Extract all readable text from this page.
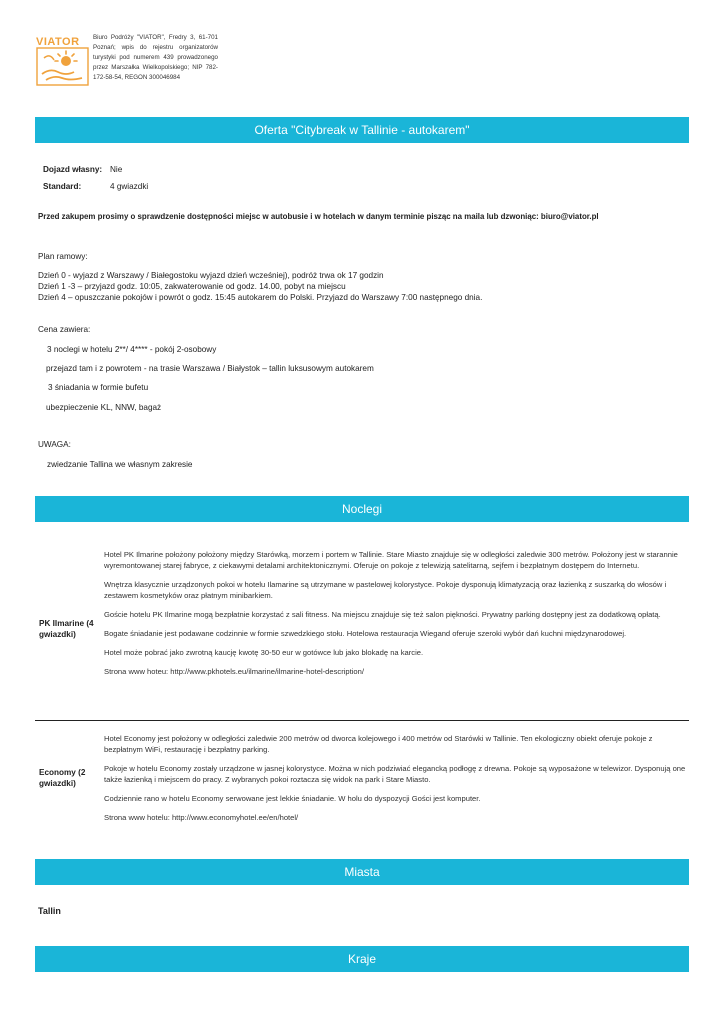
VIATOR Biuro Podróży "VIATOR", Fredry 3, 61-701 Poznań; wpis do rejestru organizatorów turystyki pod numerem 439 prowadzonego przez Marszałka Wielkopolskiego; NIP 782-172-58-54, REGON 300046984
Oferta "Citybreak w Tallinie - autokarem"
Dojazd własny: Nie
Standard:	4 gwiazdki
Przed zakupem prosimy o sprawdzenie dostępności miejsc w autobusie i w hotelach w danym terminie pisząc na maila lub dzwoniąc: biuro@viator.pl
Plan ramowy:
Dzień 0 - wyjazd z Warszawy / Białegostoku wyjazd dzień wcześniej), podróż trwa ok 17 godzin
Dzień 1 -3 – przyjazd godz. 10:05, zakwaterowanie od godz. 14.00, pobyt na miejscu
Dzień 4 – opuszczanie pokojów i powrót o godz. 15:45 autokarem do Polski. Przyjazd do Warszawy 7:00 następnego dnia.
Cena zawiera:
3 noclegi w hotelu 2**/ 4**** - pokój 2-osobowy
przejazd tam i z powrotem - na trasie Warszawa / Białystok – tallin luksusowym autokarem
3 śniadania w formie bufetu
ubezpieczenie KL, NNW, bagaż
UWAGA:
zwiedzanie Tallina we własnym zakresie
Noclegi
PK Ilmarine (4 gwiazdki)

Hotel PK Ilmarine położony położony między Starówką, morzem i portem w Tallinie. Stare Miasto znajduje się w odległości zaledwie 300 metrów. Położony jest w starannie wyremontowanej starej fabryce, z ciekawymi detalami architektonicznymi. Oferuje on pokoje z telewizją satelitarną, sejfem i bezpłatnym dostępem do Internetu.

Wnętrza klasycznie urządzonych pokoi w hotelu Ilamarine są utrzymane w pastelowej kolorystyce. Pokoje dysponują klimatyzacją oraz łazienką z suszarką do włosów i zestawem kosmetyków oraz płatnym minibarkiem.

Goście hotelu PK Ilmarine mogą bezpłatnie korzystać z sali fitness. Na miejscu znajduje się też salon piękności. Prywatny parking dostępny jest za dodatkową opłatą.

Bogate śniadanie jest podawane codzinnie w formie szwedzkiego stołu. Hotelowa restauracja Wiegand oferuje szeroki wybór dań kuchni międzynarodowej.

Hotel może pobrać jako zwrotną kaucję kwotę 30-50 eur w gotówce lub jako blokadę na karcie.

Strona www hoteu: http://www.pkhotels.eu/ilmarine/ilmarine-hotel-description/

Economy (2 gwiazdki)

Hotel Economy jest położony w odległości zaledwie 200 metrów od dworca kolejowego i 400 metrów od Starówki w Tallinie. Ten ekologiczny obiekt oferuje pokoje z bezpłatnym WiFi, restaurację i bezpłatny parking.

Pokoje w hotelu Economy zostały urządzone w jasnej kolorystyce. Można w nich podziwiać elegancką podłogę z drewna. Pokoje są wyposażone w telewizor. Dysponują one także łazienką i miejscem do pracy. Z wybranych pokoi roztacza się widok na park i Stare Miasto.

Codziennie rano w hotelu Economy serwowane jest lekkie śniadanie. W holu do dyspozycji Gości jest komputer.

Strona www hotelu: http://www.economyhotel.ee/en/hotel/

Miasta
Tallin
Kraje
